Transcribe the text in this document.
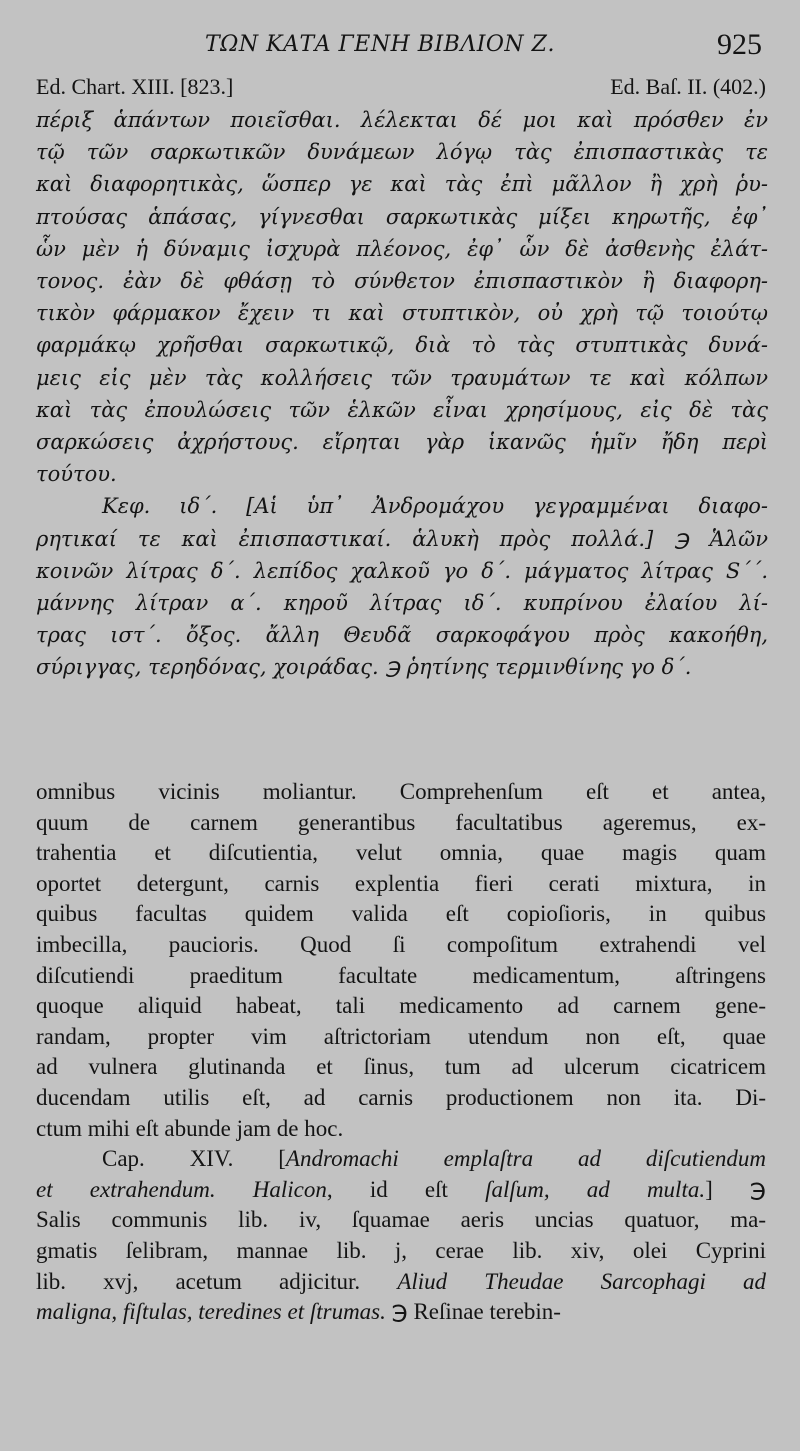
ΤΩΝ ΚΑΤΑ ΓΕΝΗ ΒΙΒΛΙΟΝ Ζ.	925
Ed. Chart. XIII. [823.]	Ed. Baſ. II. (402.)
πέριξ ἁπάντων ποιεῖσθαι. λέλεκται δέ μοι καὶ πρόσθεν ἐν
τῷ τῶν σαρκωτικῶν δυνάμεων λόγῳ τὰς ἐπισπαστικὰς τε
καὶ διαφορητικὰς, ὥσπερ γε καὶ τὰς ἐπὶ μᾶλλον ἢ χρὴ ῥυ-
πτούσας ἁπάσας, γίγνεσθαι σαρκωτικὰς μίξει κηρωτῆς, ἐφ᾽
ὧν μὲν ἡ δύναμις ἰσχυρὰ πλέονος, ἐφ᾽ ὧν δὲ ἀσθενὴς ἐλάτ-
τονος. ἐὰν δὲ φθάσῃ τὸ σύνθετον ἐπισπαστικὸν ἢ διαφορη-
τικὸν φάρμακον ἔχειν τι καὶ στυπτικὸν, οὐ χρὴ τῷ τοιούτῳ
φαρμάκῳ χρῆσθαι σαρκωτικῷ, διὰ τὸ τὰς στυπτικὰς δυνά-
μεις εἰς μὲν τὰς κολλήσεις τῶν τραυμάτων τε καὶ κόλπων
καὶ τὰς ἐπουλώσεις τῶν ἑλκῶν εἶναι χρησίμους, εἰς δὲ τὰς
σαρκώσεις ἀχρήστους. εἴρηται γὰρ ἱκανῶς ἡμῖν ἤδη περὶ
τούτου.
Κεφ. ιδ΄. [Αἱ ὑπ᾽ Ἀνδρομάχου γεγραμμέναι διαφο-
ρητικαί τε καὶ ἐπισπαστικαί. ἁλυκὴ πρὸς πολλά.] ℈ Ἁλῶν
κοινῶν λίτρας δ΄. λεπίδος χαλκοῦ γο δ΄. μάγματος λίτρας S΄΄.
μάννης λίτραν α΄. κηροῦ λίτρας ιδ΄. κυπρίνου ἐλαίου λί-
τρας ιστ΄. ὄξος. ἄλλη Θευδᾶ σαρκοφάγου πρὸς κακοήθη,
σύριγγας, τερηδόνας, χοιράδας. ℈ ῥητίνης τερμινθίνης γο δ΄.
omnibus vicinis moliantur. Comprehenſum eſt et antea,
quum de carnem generantibus facultatibus ageremus, ex-
trahentia et diſcutientia, velut omnia, quae magis quam
oportet detergunt, carnis explentia fieri cerati mixtura, in
quibus facultas quidem valida eſt copioſioris, in quibus
imbecilla, paucioris. Quod ſi compoſitum extrahendi vel
diſcutiendi praeditum facultate medicamentum, aſtringens
quoque aliquid habeat, tali medicamento ad carnem gene-
randam, propter vim aſtrictoriam utendum non eſt, quae
ad vulnera glutinanda et ſinus, tum ad ulcerum cicatricem
ducendam utilis eſt, ad carnis productionem non ita. Di-
ctum mihi eſt abunde jam de hoc.
Cap. XIV. [Andromachi emplaſtra ad diſcutiendum
et extrahendum. Halicon, id eſt ſalſum, ad multa.] ℈
Salis communis lib. iv, ſquamae aeris uncias quatuor, ma-
gmatis ſelibram, mannae lib. j, cerae lib. xiv, olei Cyprini
lib. xvj, acetum adjicitur. Aliud Theudae Sarcophagi ad
maligna, fiſtulas, teredines et ſtrumas. ℈ Reſinae terebin-
